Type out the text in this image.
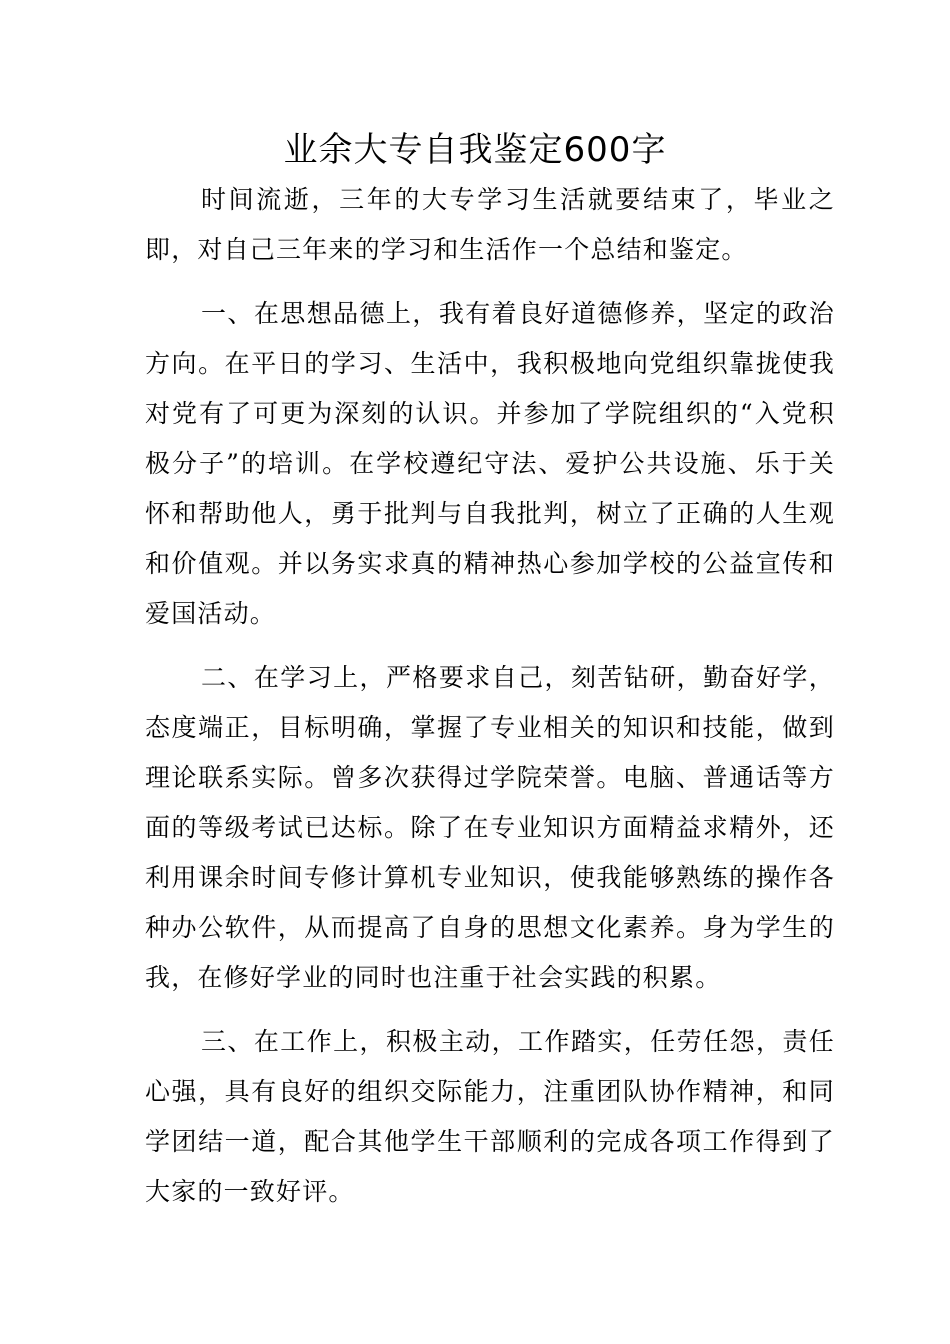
业余大专自我鉴定600字

时间流逝，三年的大专学习生活就要结束了，毕业之即，对自己三年来的学习和生活作一个总结和鉴定。

一、在思想品德上，我有着良好道德修养，坚定的政治方向。在平日的学习、生活中，我积极地向党组织靠拢使我对党有了可更为深刻的认识。并参加了学院组织的“入党积极分子”的培训。在学校遵纪守法、爱护公共设施、乐于关怀和帮助他人，勇于批判与自我批判，树立了正确的人生观和价值观。并以务实求真的精神热心参加学校的公益宣传和爱国活动。

二、在学习上，严格要求自己，刻苦钻研，勤奋好学，态度端正，目标明确，掌握了专业相关的知识和技能，做到理论联系实际。曾多次获得过学院荣誉。电脑、普通话等方面的等级考试已达标。除了在专业知识方面精益求精外，还利用课余时间专修计算机专业知识，使我能够熟练的操作各种办公软件，从而提高了自身的思想文化素养。身为学生的我，在修好学业的同时也注重于社会实践的积累。

三、在工作上，积极主动，工作踏实，任劳任怨，责任心强，具有良好的组织交际能力，注重团队协作精神，和同学团结一道，配合其他学生干部顺利的完成各项工作得到了大家的一致好评。
